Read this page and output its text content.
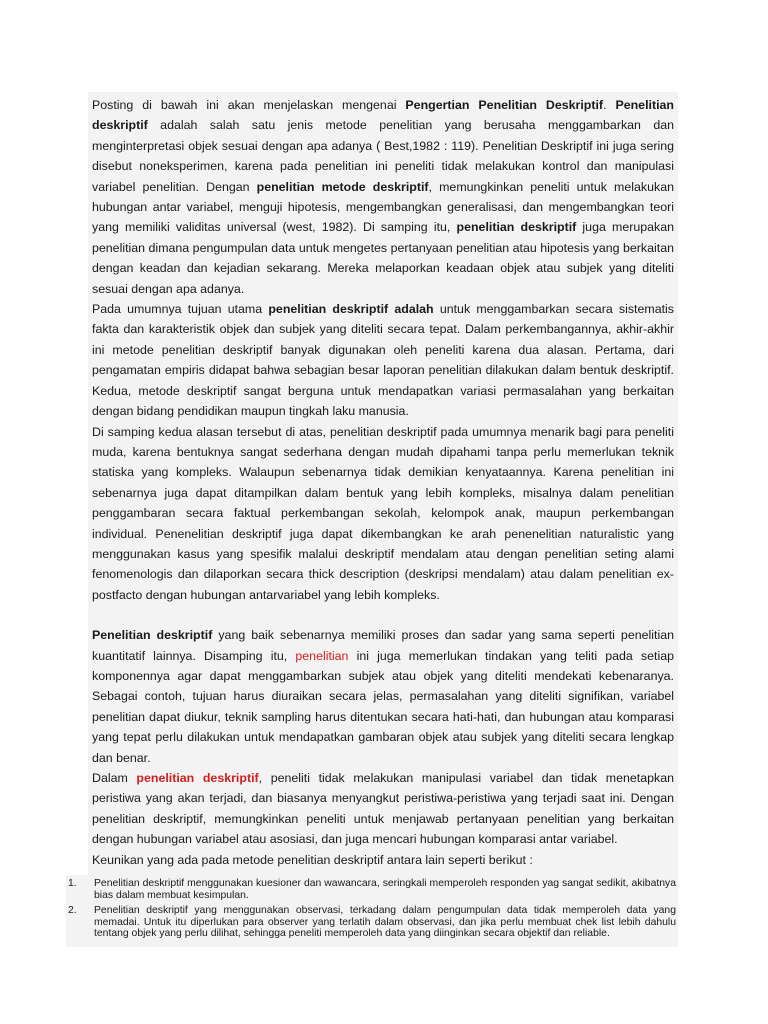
Posting di bawah ini akan menjelaskan mengenai Pengertian Penelitian Deskriptif. Penelitian deskriptif adalah salah satu jenis metode penelitian yang berusaha menggambarkan dan menginterpretasi objek sesuai dengan apa adanya ( Best,1982 : 119). Penelitian Deskriptif ini juga sering disebut noneksperimen, karena pada penelitian ini peneliti tidak melakukan kontrol dan manipulasi variabel penelitian. Dengan penelitian metode deskriptif, memungkinkan peneliti untuk melakukan hubungan antar variabel, menguji hipotesis, mengembangkan generalisasi, dan mengembangkan teori yang memiliki validitas universal (west, 1982). Di samping itu, penelitian deskriptif juga merupakan penelitian dimana pengumpulan data untuk mengetes pertanyaan penelitian atau hipotesis yang berkaitan dengan keadan dan kejadian sekarang. Mereka melaporkan keadaan objek atau subjek yang diteliti sesuai dengan apa adanya.

Pada umumnya tujuan utama penelitian deskriptif adalah untuk menggambarkan secara sistematis fakta dan karakteristik objek dan subjek yang diteliti secara tepat. Dalam perkembangannya, akhir-akhir ini metode penelitian deskriptif banyak digunakan oleh peneliti karena dua alasan. Pertama, dari pengamatan empiris didapat bahwa sebagian besar laporan penelitian dilakukan dalam bentuk deskriptif. Kedua, metode deskriptif sangat berguna untuk mendapatkan variasi permasalahan yang berkaitan dengan bidang pendidikan maupun tingkah laku manusia.

Di samping kedua alasan tersebut di atas, penelitian deskriptif pada umumnya menarik bagi para peneliti muda, karena bentuknya sangat sederhana dengan mudah dipahami tanpa perlu memerlukan teknik statiska yang kompleks. Walaupun sebenarnya tidak demikian kenyataannya. Karena penelitian ini sebenarnya juga dapat ditampilkan dalam bentuk yang lebih kompleks, misalnya dalam penelitian penggambaran secara faktual perkembangan sekolah, kelompok anak, maupun perkembangan individual. Penenelitian deskriptif juga dapat dikembangkan ke arah penenelitian naturalistic yang menggunakan kasus yang spesifik malalui deskriptif mendalam atau dengan penelitian seting alami fenomenologis dan dilaporkan secara thick description (deskripsi mendalam) atau dalam penelitian ex-postfacto dengan hubungan antarvariabel yang lebih kompleks.

Penelitian deskriptif yang baik sebenarnya memiliki proses dan sadar yang sama seperti penelitian kuantitatif lainnya. Disamping itu, penelitian ini juga memerlukan tindakan yang teliti pada setiap komponennya agar dapat menggambarkan subjek atau objek yang diteliti mendekati kebenaranya. Sebagai contoh, tujuan harus diuraikan secara jelas, permasalahan yang diteliti signifikan, variabel penelitian dapat diukur, teknik sampling harus ditentukan secara hati-hati, dan hubungan atau komparasi yang tepat perlu dilakukan untuk mendapatkan gambaran objek atau subjek yang diteliti secara lengkap dan benar.

Dalam penelitian deskriptif, peneliti tidak melakukan manipulasi variabel dan tidak menetapkan peristiwa yang akan terjadi, dan biasanya menyangkut peristiwa-peristiwa yang terjadi saat ini. Dengan penelitian deskriptif, memungkinkan peneliti untuk menjawab pertanyaan penelitian yang berkaitan dengan hubungan variabel atau asosiasi, dan juga mencari hubungan komparasi antar variabel.

Keunikan yang ada pada metode penelitian deskriptif antara lain seperti berikut :

1.	Penelitian deskriptif menggunakan kuesioner dan wawancara, seringkali memperoleh responden yag sangat sedikit, akibatnya bias dalam membuat kesimpulan.
2.	Penelitian deskriptif yang menggunakan observasi, terkadang dalam pengumpulan data tidak memperoleh data yang memadai. Untuk itu diperlukan para observer yang terlatih dalam observasi, dan jika perlu membuat chek list lebih dahulu tentang objek yang perlu dilihat, sehingga peneliti memperoleh data yang diinginkan secara objektif dan reliable.
